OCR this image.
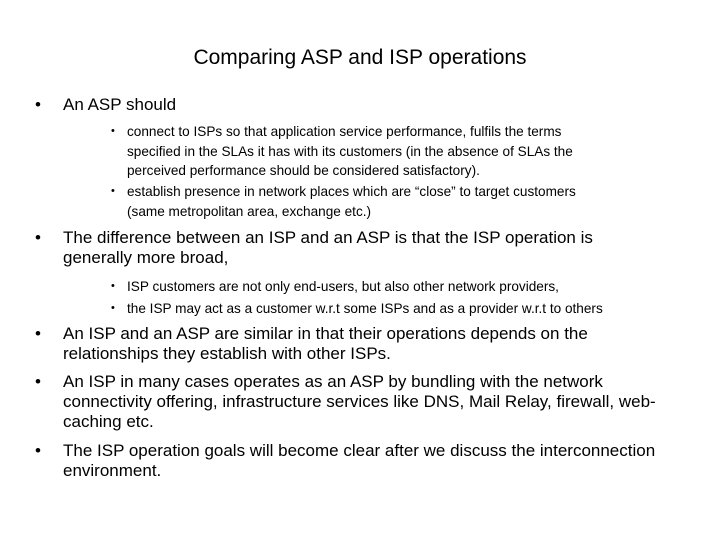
Comparing ASP and ISP operations
• An ASP should
• connect to ISPs so that application service performance, fulfils the terms
specified in the SLAs it has with its customers (in the absence of SLAs the
perceived performance should be considered satisfactory).
• establish presence in network places which are “close” to target customers
(same metropolitan area, exchange etc.)
• The difference between an ISP and an ASP is that the ISP operation is
generally more broad,
• ISP customers are not only end-users, but also other network providers,
• the ISP may act as a customer w.r.t some ISPs and as a provider w.r.t to others
• An ISP and an ASP are similar in that their operations depends on the
relationships they establish with other ISPs.
• An ISP in many cases operates as an ASP by bundling with the network
connectivity offering, infrastructure services like DNS, Mail Relay, firewall, web-
caching etc.
• The ISP operation goals will become clear after we discuss the interconnection
environment.
